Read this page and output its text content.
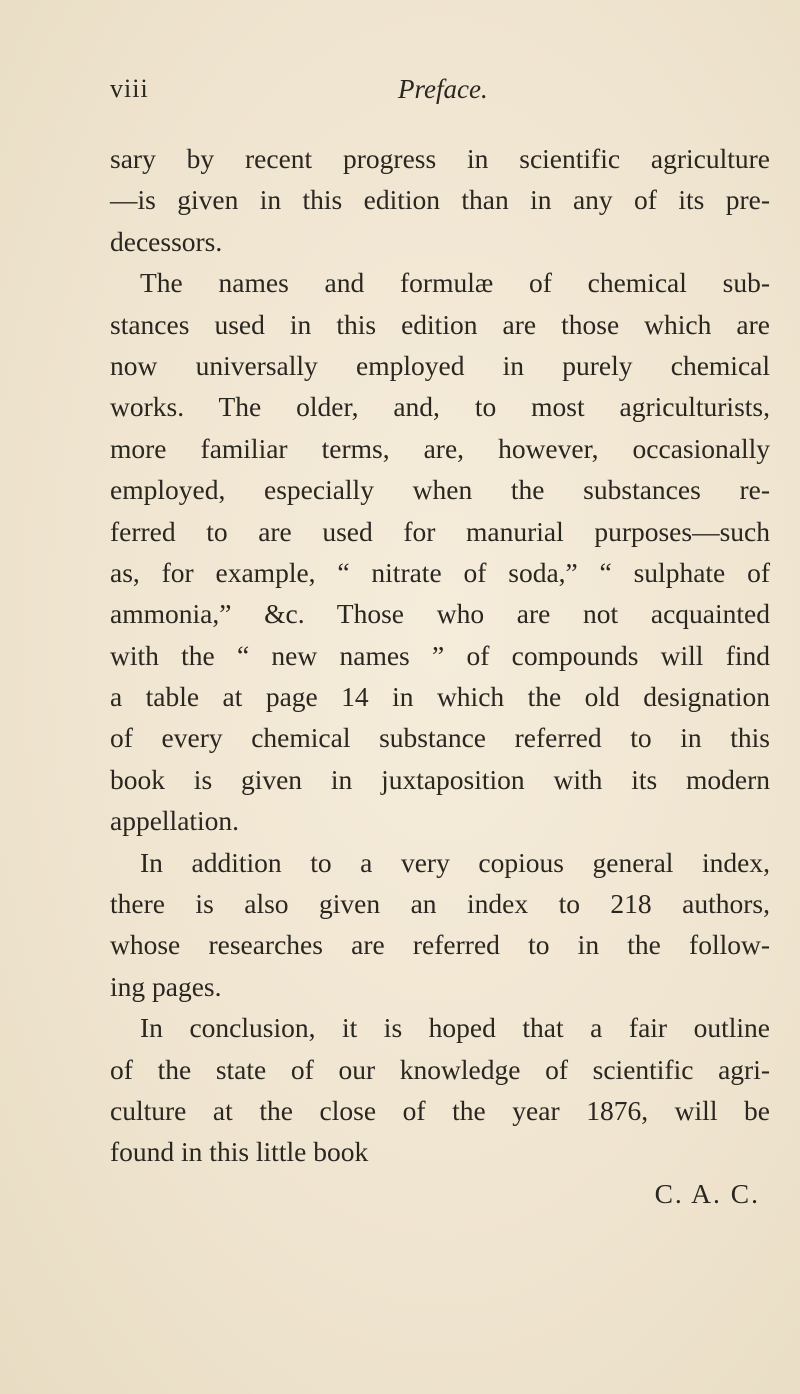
viii	Preface.
sary by recent progress in scientific agriculture
—is given in this edition than in any of its pre-
decessors.
The names and formulæ of chemical sub-
stances used in this edition are those which are
now universally employed in purely chemical
works. The older, and, to most agriculturists,
more familiar terms, are, however, occasionally
employed, especially when the substances re-
ferred to are used for manurial purposes—such
as, for example, “ nitrate of soda,” “ sulphate of
ammonia,” &c. Those who are not acquainted
with the “ new names ” of compounds will find
a table at page 14 in which the old designation
of every chemical substance referred to in this
book is given in juxtaposition with its modern
appellation.
In addition to a very copious general index,
there is also given an index to 218 authors,
whose researches are referred to in the follow-
ing pages.
In conclusion, it is hoped that a fair outline
of the state of our knowledge of scientific agri-
culture at the close of the year 1876, will be
found in this little book
C. A. C.
